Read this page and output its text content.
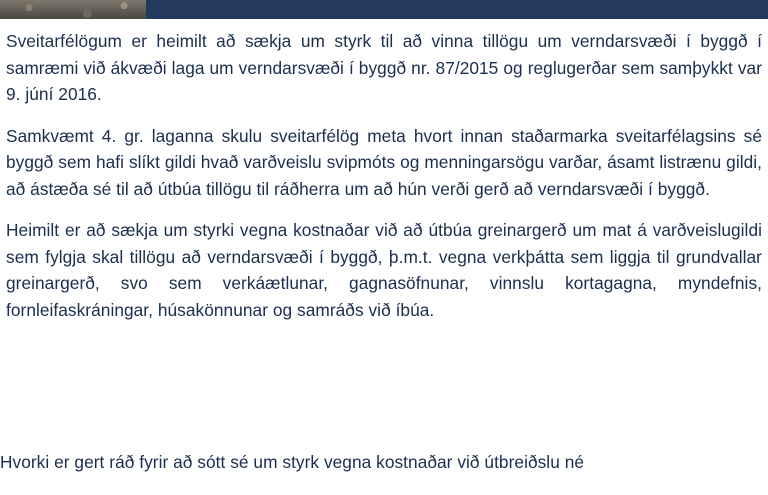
Sveitarfélögum er heimilt að sækja um styrk til að vinna tillögu um verndarsvæði í byggð í samræmi við ákvæði laga um verndarsvæði í byggð nr. 87/2015 og reglugerðar sem samþykkt var 9. júní 2016.

Samkvæmt 4. gr. laganna skulu sveitarfélög meta hvort innan staðarmarka sveitarfélagsins sé byggð sem hafi slíkt gildi hvað varðveislu svipmóts og menningarsögu varðar, ásamt listrænu gildi, að ástæða sé til að útbúa tillögu til ráðherra um að hún verði gerð að verndarsvæði í byggð.

Heimilt er að sækja um styrki vegna kostnaðar við að útbúa greinargerð um mat á varðveislugildi sem fylgja skal tillögu að verndarsvæði í byggð, þ.m.t. vegna verkþátta sem liggja til grundvallar greinargerð, svo sem verkáætlunar, gagnasöfnunar, vinnslu kortagagna, myndefnis, fornleifaskráningar, húsakönnunar og samráðs við íbúa.

Hvorki er gert ráð fyrir að sótt sé um styrk vegna kostnaðar við útbreiðslu né
